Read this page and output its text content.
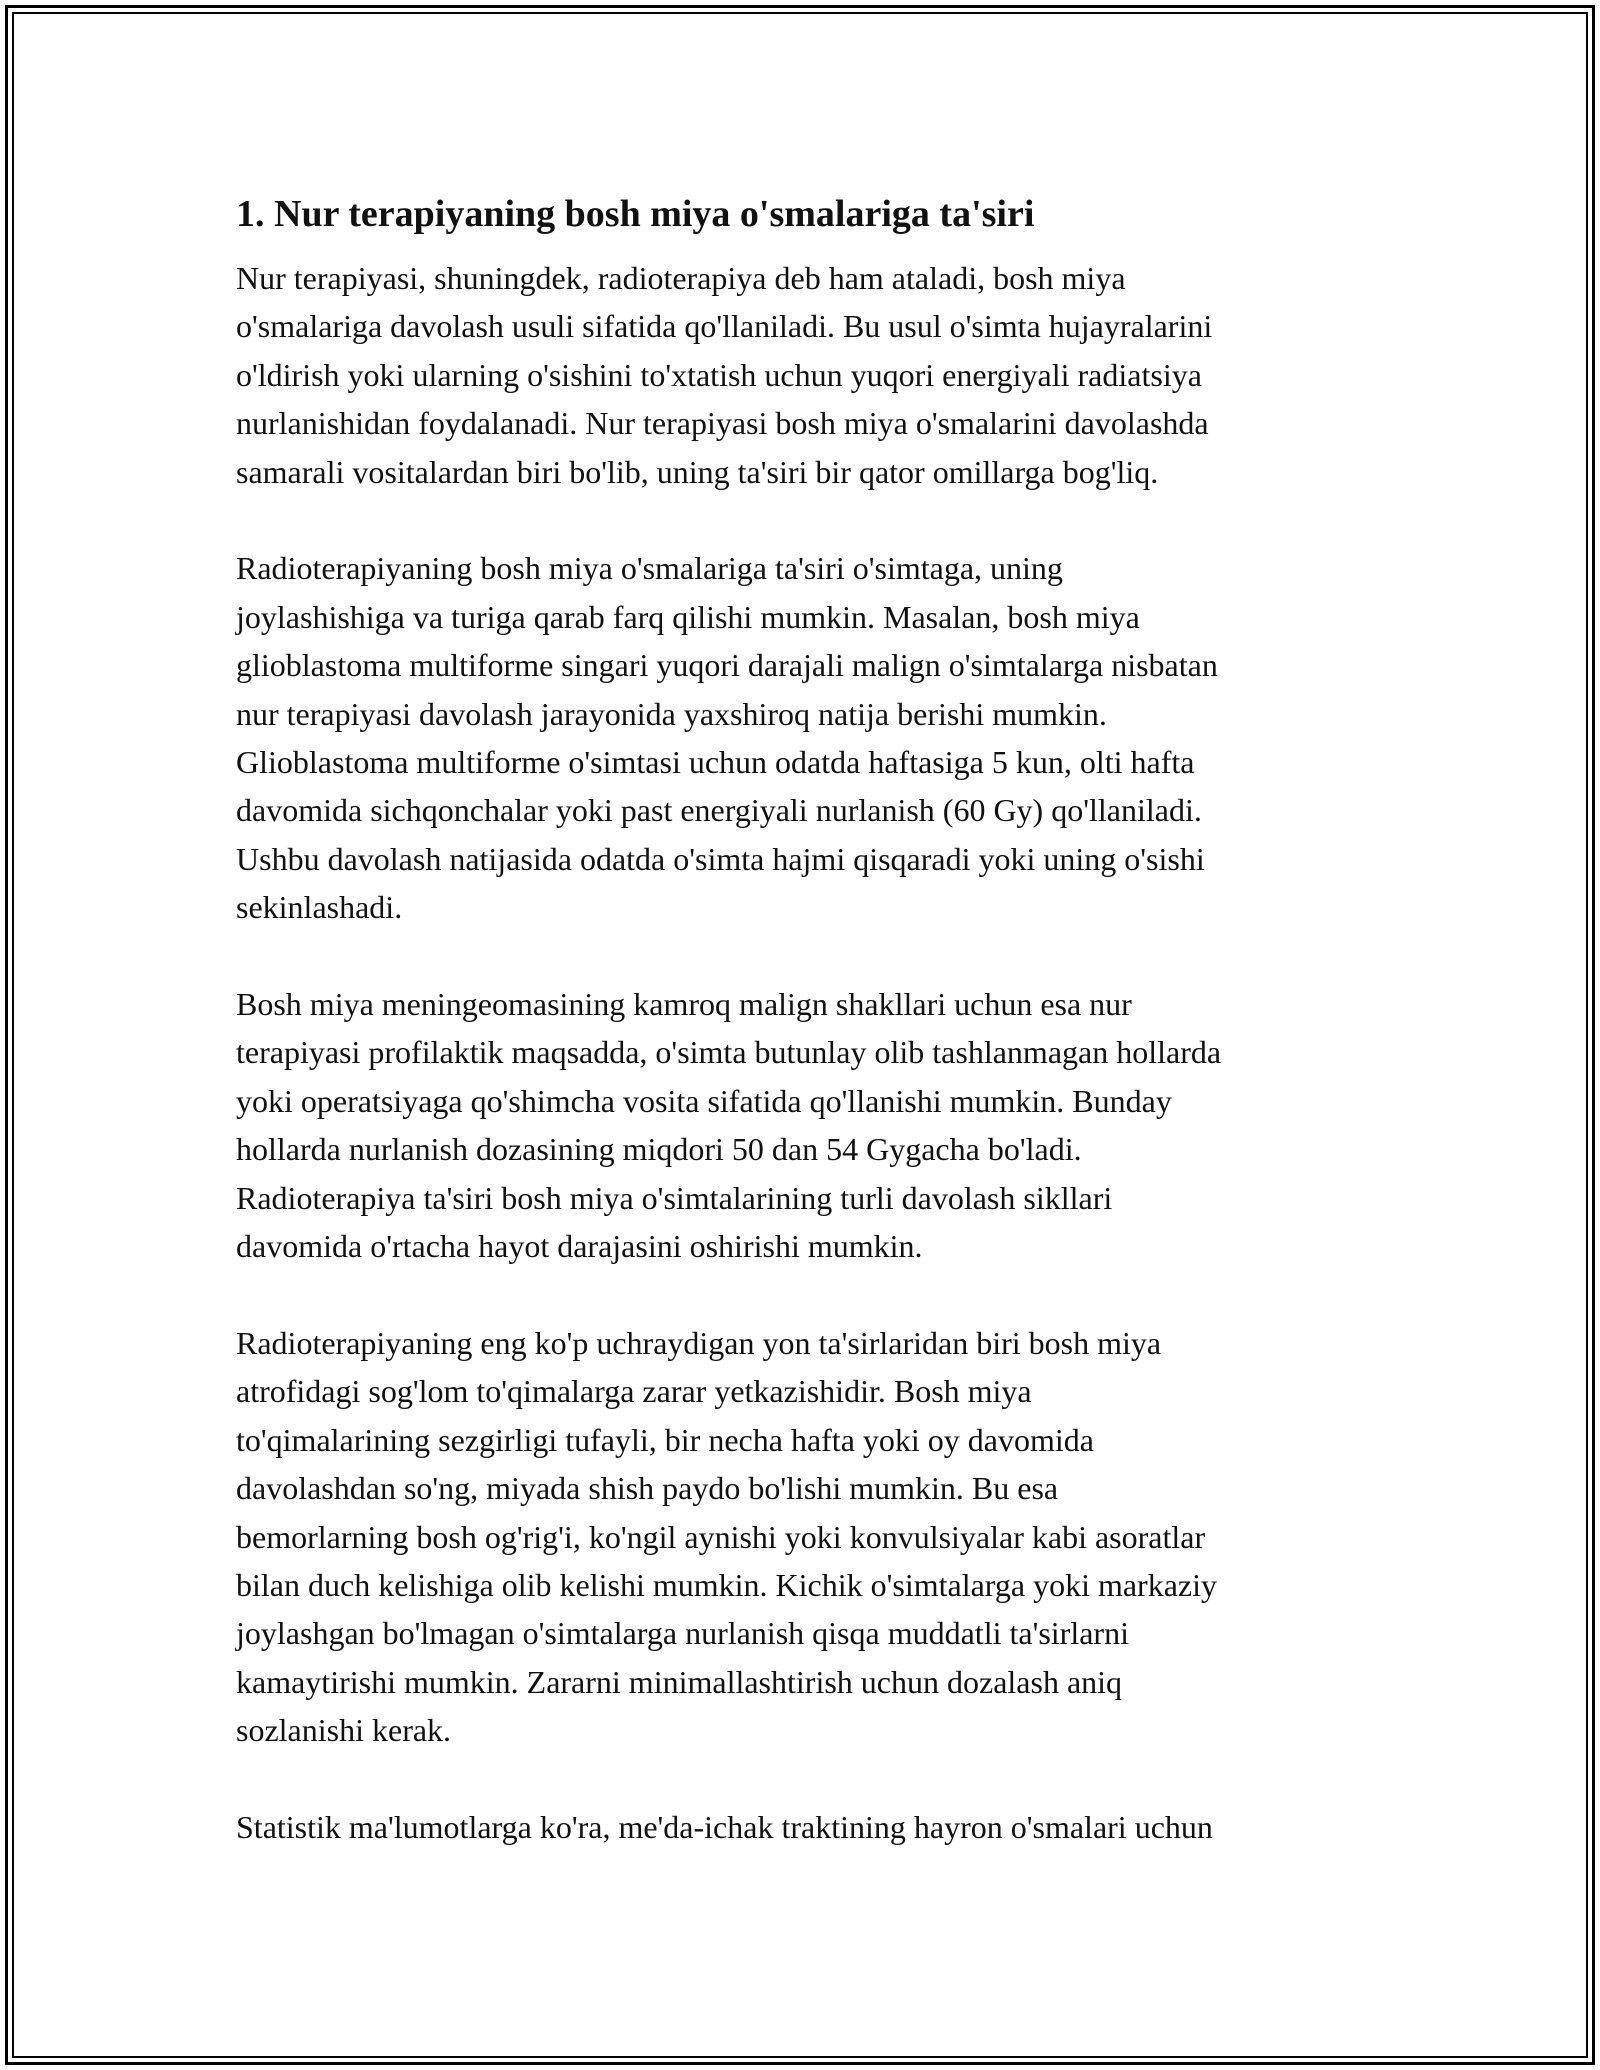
1. Nur terapiyaning bosh miya o'smalariga ta'siri
Nur terapiyasi, shuningdek, radioterapiya deb ham ataladi, bosh miya
o'smalariga davolash usuli sifatida qo'llaniladi. Bu usul o'simta hujayralarini
o'ldirish yoki ularning o'sishini to'xtatish uchun yuqori energiyali radiatsiya
nurlanishidan foydalanadi. Nur terapiyasi bosh miya o'smalarini davolashda
samarali vositalardan biri bo'lib, uning ta'siri bir qator omillarga bog'liq.
Radioterapiyaning bosh miya o'smalariga ta'siri o'simtaga, uning
joylashishiga va turiga qarab farq qilishi mumkin. Masalan, bosh miya
glioblastoma multiforme singari yuqori darajali malign o'simtalarga nisbatan
nur terapiyasi davolash jarayonida yaxshiroq natija berishi mumkin.
Glioblastoma multiforme o'simtasi uchun odatda haftasiga 5 kun, olti hafta
davomida sichqonchalar yoki past energiyali nurlanish (60 Gy) qo'llaniladi.
Ushbu davolash natijasida odatda o'simta hajmi qisqaradi yoki uning o'sishi
sekinlashadi.
Bosh miya meningeomasining kamroq malign shakllari uchun esa nur
terapiyasi profilaktik maqsadda, o'simta butunlay olib tashlanmagan hollarda
yoki operatsiyaga qo'shimcha vosita sifatida qo'llanishi mumkin. Bunday
hollarda nurlanish dozasining miqdori 50 dan 54 Gygacha bo'ladi.
Radioterapiya ta'siri bosh miya o'simtalarining turli davolash sikllari
davomida o'rtacha hayot darajasini oshirishi mumkin.
Radioterapiyaning eng ko'p uchraydigan yon ta'sirlaridan biri bosh miya
atrofidagi sog'lom to'qimalarga zarar yetkazishidir. Bosh miya
to'qimalarining sezgirligi tufayli, bir necha hafta yoki oy davomida
davolashdan so'ng, miyada shish paydo bo'lishi mumkin. Bu esa
bemorlarning bosh og'rig'i, ko'ngil aynishi yoki konvulsiyalar kabi asoratlar
bilan duch kelishiga olib kelishi mumkin. Kichik o'simtalarga yoki markaziy
joylashgan bo'lmagan o'simtalarga nurlanish qisqa muddatli ta'sirlarni
kamaytirishi mumkin. Zararni minimallashtirish uchun dozalash aniq
sozlanishi kerak.
Statistik ma'lumotlarga ko'ra, me'da-ichak traktining hayron o'smalari uchun
